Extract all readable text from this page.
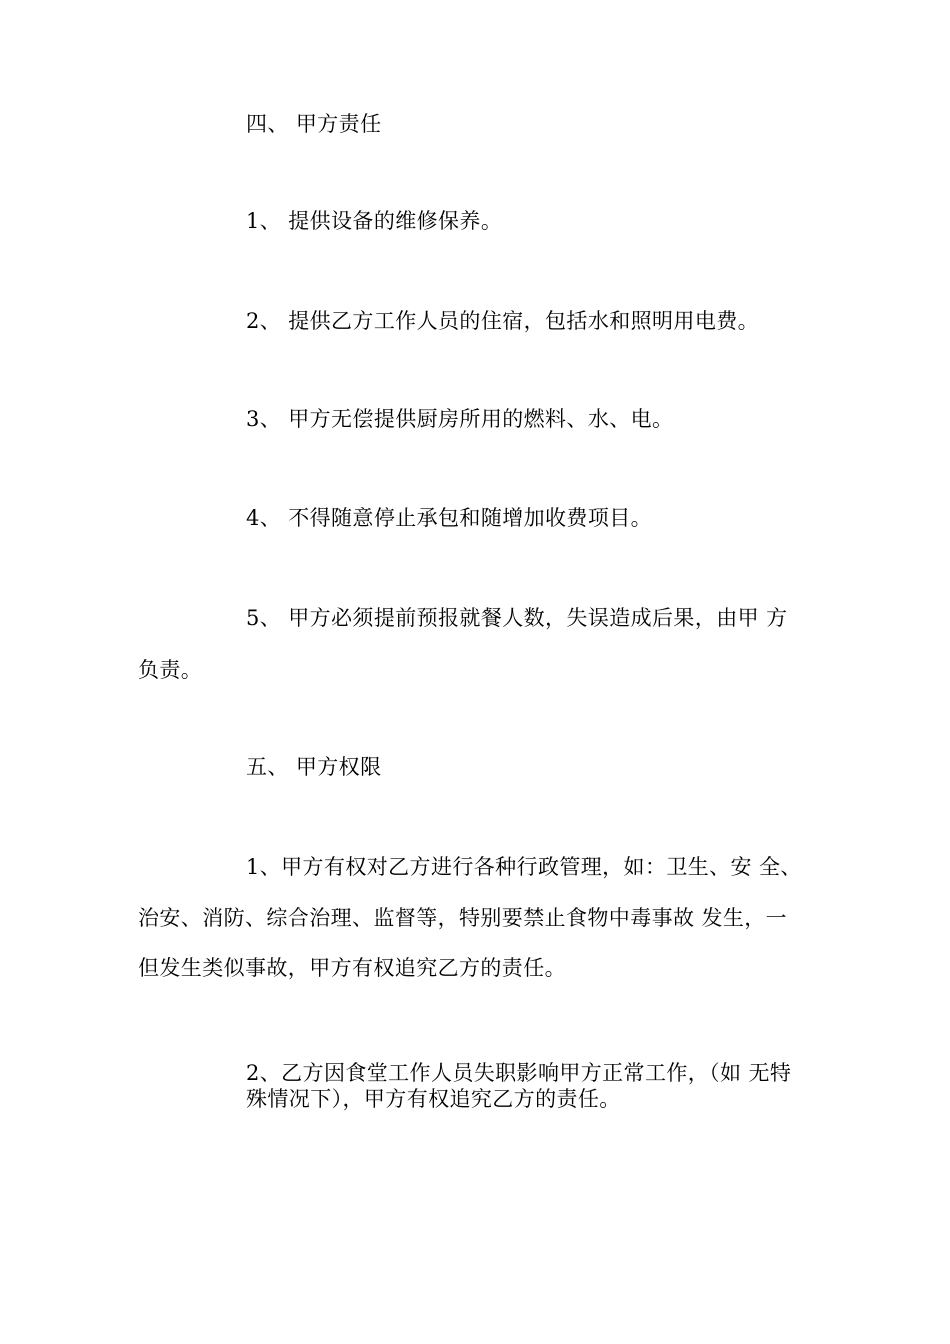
四、 甲方责任
1、 提供设备的维修保养。
2、 提供乙方工作人员的住宿，包括水和照明用电费。
3、 甲方无偿提供厨房所用的燃料、水、电。
4、 不得随意停止承包和随增加收费项目。
5、 甲方必须提前预报就餐人数，失误造成后果，由甲 方
负责。
五、 甲方权限
1、甲方有权对乙方进行各种行政管理，如：卫生、安 全、
治安、消防、综合治理、监督等，特别要禁止食物中毒事故 发生，一
但发生类似事故，甲方有权追究乙方的责任。
2、乙方因食堂工作人员失职影响甲方正常工作，（如 无特
殊情况下），甲方有权追究乙方的责任。
